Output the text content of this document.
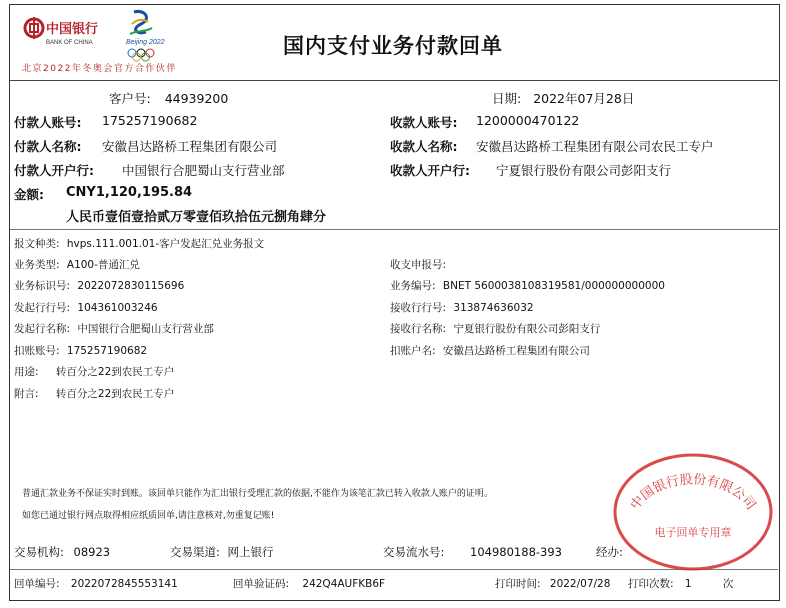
中国银行
BANK OF CHINA	Beijing 2022
北京2022年冬奥会官方合作伙伴
国内支付业务付款回单
客户号: 44939200	日期: 2022年07月28日
付款人账号: 175257190682	收款人账号: 1200000470122
付款人名称: 安徽昌达路桥工程集团有限公司	收款人名称: 安徽昌达路桥工程集团有限公司农民工专户
付款人开户行: 中国银行合肥蜀山支行营业部	收款人开户行: 宁夏银行股份有限公司彭阳支行
金额: CNY1,120,195.84
人民币壹佰壹拾贰万零壹佰玖拾伍元捌角肆分
报文种类: hvps.111.001.01-客户发起汇兑业务报文
业务类型: A100-普通汇兑	收支申报号:
业务标识号: 2022072830115696	业务编号: BNET 5600038108319581/000000000000
发起行行号: 104361003246	接收行行号: 313874636032
发起行名称: 中国银行合肥蜀山支行营业部	接收行名称: 宁夏银行股份有限公司彭阳支行
扣账账号: 175257190682	扣账户名: 安徽昌达路桥工程集团有限公司
用途: 转百分之22到农民工专户
附言: 转百分之22到农民工专户
普通汇款业务不保证实时到账。该回单只能作为汇出银行受理汇款的依据,不能作为该笔汇款已转入收款人账户的证明。
如您已通过银行网点取得相应纸质回单,请注意核对,勿重复记账!
交易机构: 08923	交易渠道: 网上银行	交易流水号: 104980188-393	经办:
回单编号: 2022072845553141	回单验证码: 242Q4AUFKB6F	打印时间: 2022/07/28 打印次数: 1	次
中国银行股份有限公司
电子回单专用章
